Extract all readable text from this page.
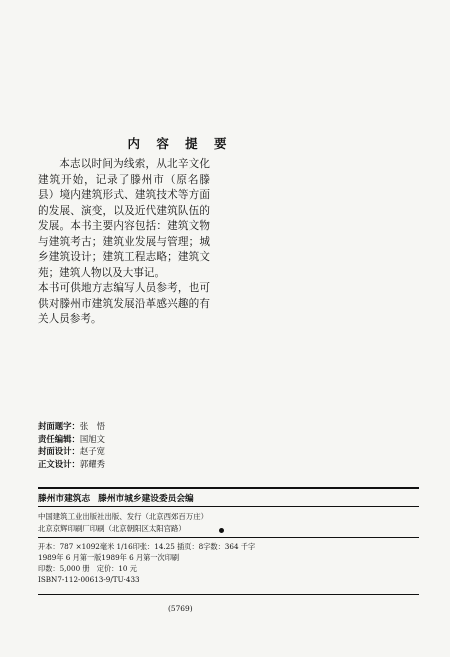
内 容 提 要

本志以时间为线索，从北辛文化建筑开始，记录了滕州市（原名滕县）境内建筑形式、建筑技术等方面的发展、演变，以及近代建筑队伍的发展。本书主要内容包括：建筑文物与建筑考古；建筑业发展与管理；城乡建筑设计；建筑工程志略；建筑文苑；建筑人物以及大事记。

本书可供地方志编写人员参考，也可供对滕州市建筑发展沿革感兴趣的有关人员参考。

封面题字：张　悟
责任编辑：国旭文
封面设计：赵子宽
正文设计：郭耀秀
滕州市建筑志 滕州市城乡建设委员会编
中国建筑工业出版社出版、发行（北京西郊百万庄）
北京京辉印刷厂印刷（北京朝阳区太阳宫路）
开本：787 ×1092毫米 1/16印张：14.25 插页：8字数：364 千字
1989年 6 月第一版1989年 6 月第一次印刷
印数：5,000 册　定价：10 元
ISBN7-112-00613-9/TU·433
(5769)
